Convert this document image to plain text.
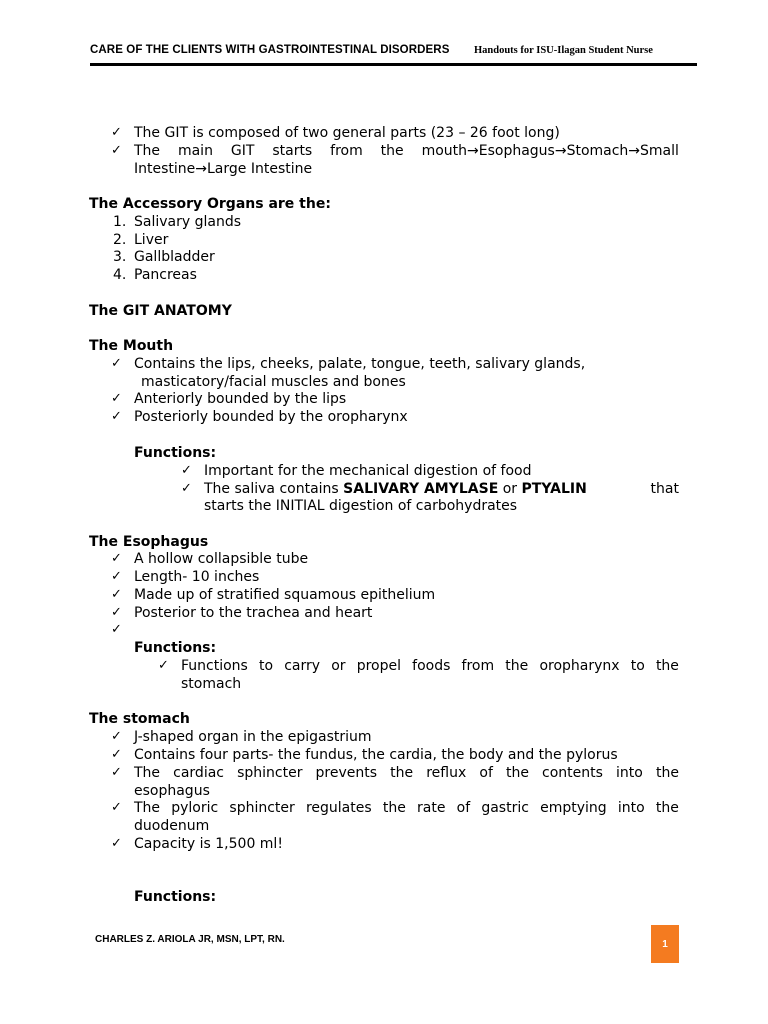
CARE OF THE CLIENTS WITH GASTROINTESTINAL DISORDERS Handouts for ISU-Ilagan Student Nurse
✓ The GIT is composed of two general parts (23 – 26 foot long)
✓ The main GIT starts from the mouth→Esophagus→Stomach→Small
Intestine→Large Intestine
The Accessory Organs are the:
1. Salivary glands
2. Liver
3. Gallbladder
4. Pancreas
The GIT ANATOMY
The Mouth
✓ Contains the lips, cheeks, palate, tongue, teeth, salivary glands,
masticatory/facial muscles and bones
✓ Anteriorly bounded by the lips
✓ Posteriorly bounded by the oropharynx
Functions:
✓ Important for the mechanical digestion of food
✓ The saliva contains SALIVARY AMYLASE or PTYALIN	that
starts the INITIAL digestion of carbohydrates
The Esophagus
✓ A hollow collapsible tube
✓ Length- 10 inches
✓ Made up of stratified squamous epithelium
✓ Posterior to the trachea and heart
✓
Functions:
✓ Functions to carry or propel foods from the oropharynx to the
stomach
The stomach
✓ J-shaped organ in the epigastrium
✓ Contains four parts- the fundus, the cardia, the body and the pylorus
✓ The cardiac sphincter prevents the reflux of the contents into the
esophagus
✓ The pyloric sphincter regulates the rate of gastric emptying into the
duodenum
✓ Capacity is 1,500 ml!
Functions:
CHARLES Z. ARIOLA JR, MSN, LPT, RN.	1
